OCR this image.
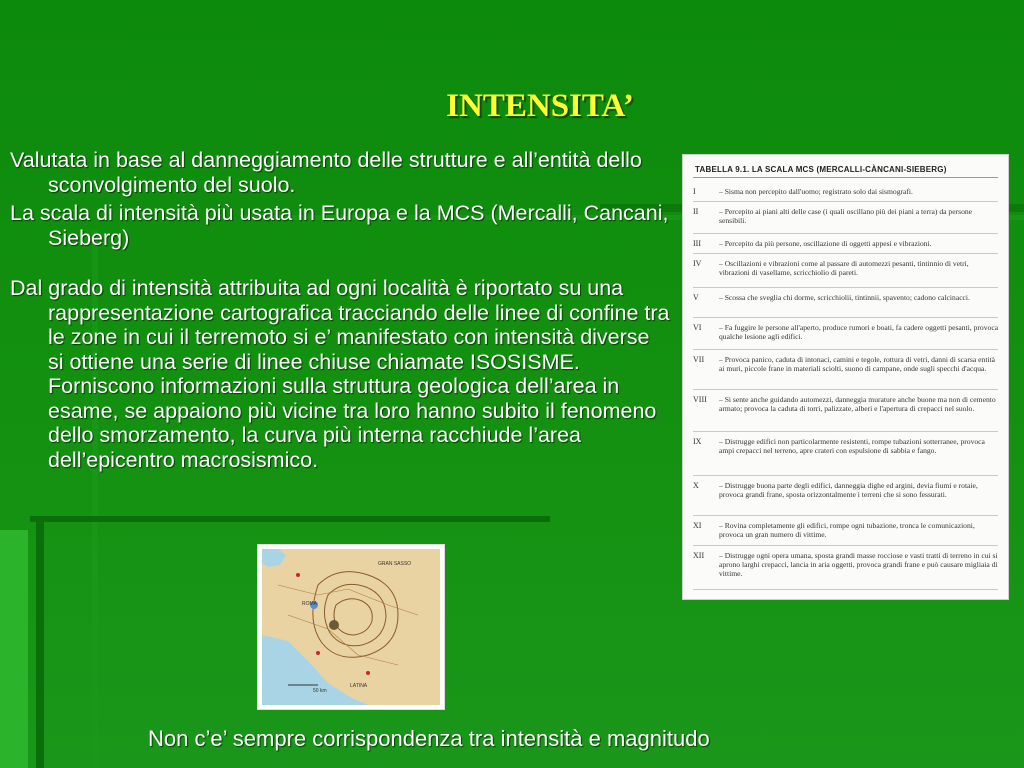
INTENSITA’

Valutata in base al danneggiamento delle strutture e all’entità dello sconvolgimento del suolo.

La scala di intensità più usata in Europa e la MCS (Mercalli, Cancani, Sieberg)

Dal grado di intensità attribuita ad ogni località è riportato su una rappresentazione cartografica tracciando delle linee di confine tra le zone in cui il terremoto si e’ manifestato con intensità diverse si ottiene una serie di linee chiuse chiamate ISOSISME. Forniscono informazioni sulla struttura geologica dell’area in esame, se appaiono più vicine tra loro hanno subito il fenomeno dello smorzamento, la curva più interna racchiude l’area dell’epicentro macrosismico.

TABELLA 9.1. LA SCALA MCS (MERCALLI-CÀNCANI-SIEBERG)
I	– Sisma non percepito dall'uomo; registrato solo dai sismografi.
II	– Percepito ai piani alti delle case (i quali oscillano più dei piani a terra) da persone sensibili.
III	– Percepito da più persone, oscillazione di oggetti appesi e vibrazioni.
IV	– Oscillazioni e vibrazioni come al passare di automezzi pesanti, tintinnio di vetri, vibrazioni di vasellame, scricchiolio di pareti.
V	– Scossa che sveglia chi dorme, scricchiolii, tintinnii, spavento; cadono calcinacci.
VI	– Fa fuggire le persone all'aperto, produce rumori e boati, fa cadere oggetti pesanti, provoca qualche lesione agli edifici.
VII	– Provoca panico, caduta di intonaci, camini e tegole, rottura di vetri, danni di scarsa entità ai muri, piccole frane in materiali sciolti, suono di campane, onde sugli specchi d'acqua.
VIII	– Si sente anche guidando automezzi, danneggia murature anche buone ma non di cemento armato; provoca la caduta di torri, palizzate, alberi e l'apertura di crepacci nel suolo.
IX	– Distrugge edifici non particolarmente resistenti, rompe tubazioni sotterranee, provoca ampi crepacci nel terreno, apre crateri con espulsione di sabbia e fango.
X	– Distrugge buona parte degli edifici, danneggia dighe ed argini, devia fiumi e rotaie, provoca grandi frane, sposta orizzontalmente i terreni che si sono fessurati.
XI	– Rovina completamente gli edifici, rompe ogni tubazione, tronca le comunicazioni, provoca un gran numero di vittime.
XII	– Distrugge ogni opera umana, sposta grandi masse rocciose e vasti tratti di terreno in cui si aprono larghi crepacci, lancia in aria oggetti, provoca grandi frane e può causare migliaia di vittime.
GRAN SASSO
ROMA
LATINA
50 km
Non c’e’ sempre corrispondenza tra intensità e magnitudo
